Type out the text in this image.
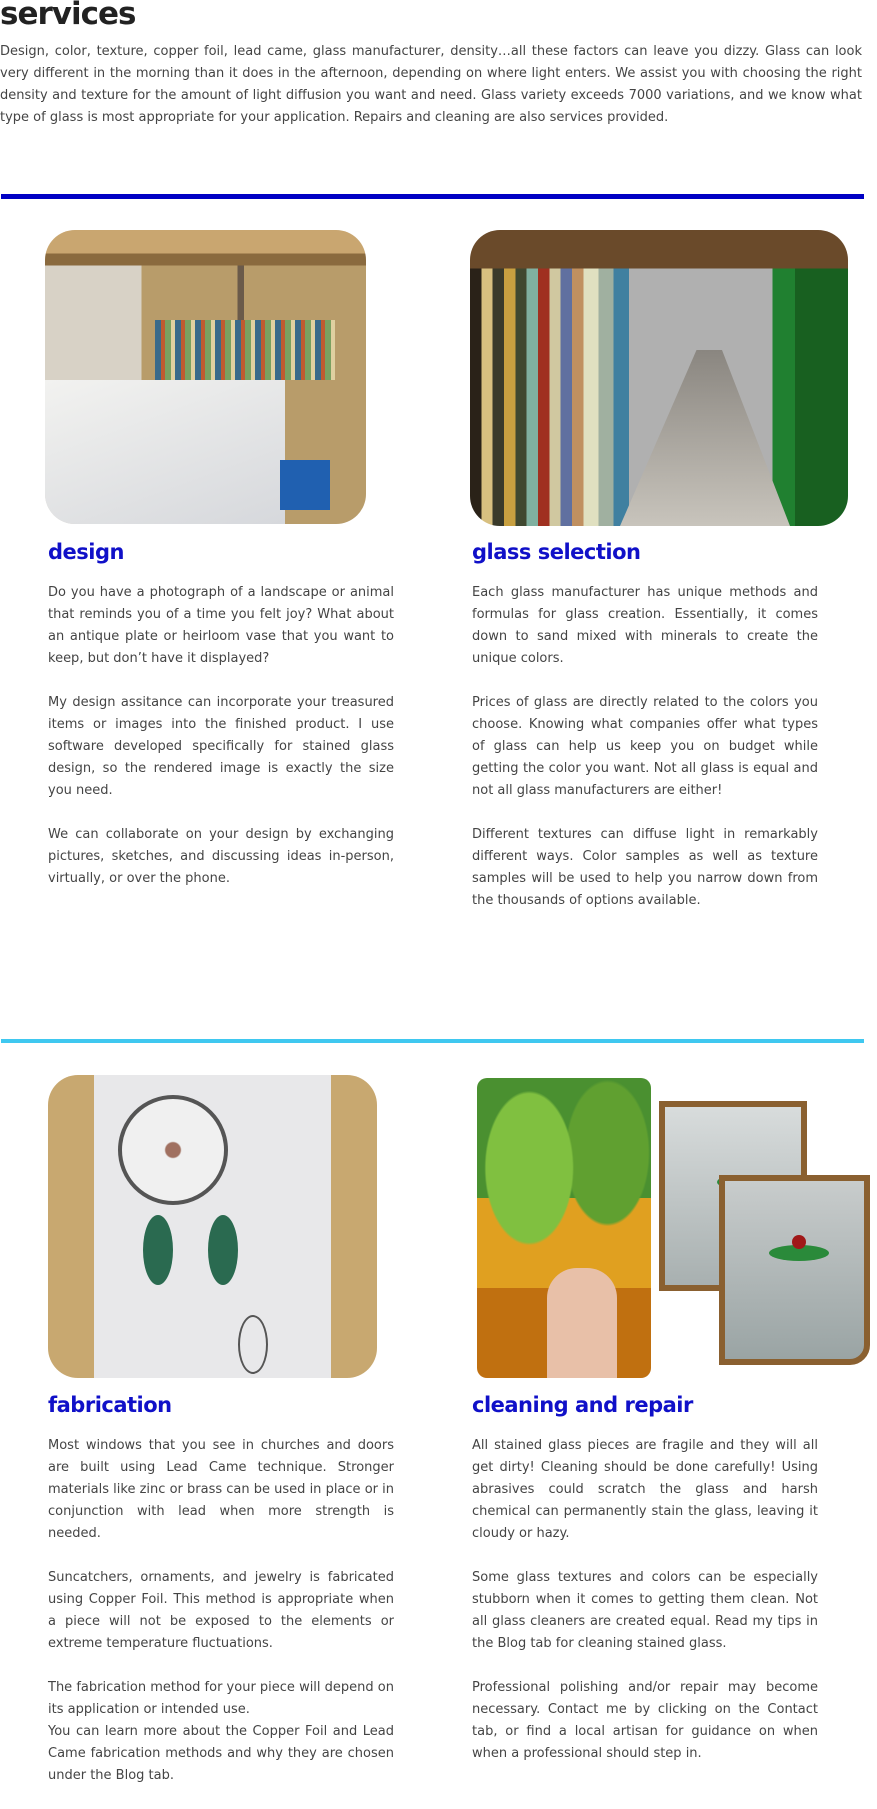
services
Design, color, texture, copper foil, lead came, glass manufacturer, density…all these factors can leave you dizzy. Glass can look very different in the morning than it does in the afternoon, depending on where light enters. We assist you with choosing the right density and texture for the amount of light diffusion you want and need. Glass variety exceeds 7000 variations, and we know what type of glass is most appropriate for your application. Repairs and cleaning are also services provided.
design

Do you have a photograph of a landscape or animal that reminds you of a time you felt joy? What about an antique plate or heirloom vase that you want to keep, but don’t have it displayed?

My design assitance can incorporate your treasured items or images into the finished product. I use software developed specifically for stained glass design, so the rendered image is exactly the size you need.

We can collaborate on your design by exchanging pictures, sketches, and discussing ideas in-person, virtually, or over the phone.

glass selection

Each glass manufacturer has unique methods and formulas for glass creation. Essentially, it comes down to sand mixed with minerals to create the unique colors.

Prices of glass are directly related to the colors you choose. Knowing what companies offer what types of glass can help us keep you on budget while getting the color you want. Not all glass is equal and not all glass manufacturers are either!

Different textures can diffuse light in remarkably different ways. Color samples as well as texture samples will be used to help you narrow down from the thousands of options available.

fabrication

Most windows that you see in churches and doors are built using Lead Came technique. Stronger materials like zinc or brass can be used in place or in conjunction with lead when more strength is needed.

Suncatchers, ornaments, and jewelry is fabricated using Copper Foil. This method is appropriate when a piece will not be exposed to the elements or extreme temperature fluctuations.

The fabrication method for your piece will depend on its application or intended use.

You can learn more about the Copper Foil and Lead Came fabrication methods and why they are chosen under the Blog tab.

cleaning and repair

All stained glass pieces are fragile and they will all get dirty! Cleaning should be done carefully! Using abrasives could scratch the glass and harsh chemical can permanently stain the glass, leaving it cloudy or hazy.

Some glass textures and colors can be especially stubborn when it comes to getting them clean. Not all glass cleaners are created equal. Read my tips in the Blog tab for cleaning stained glass.

Professional polishing and/or repair may become necessary. Contact me by clicking on the Contact tab, or find a local artisan for guidance on when when a professional should step in.
